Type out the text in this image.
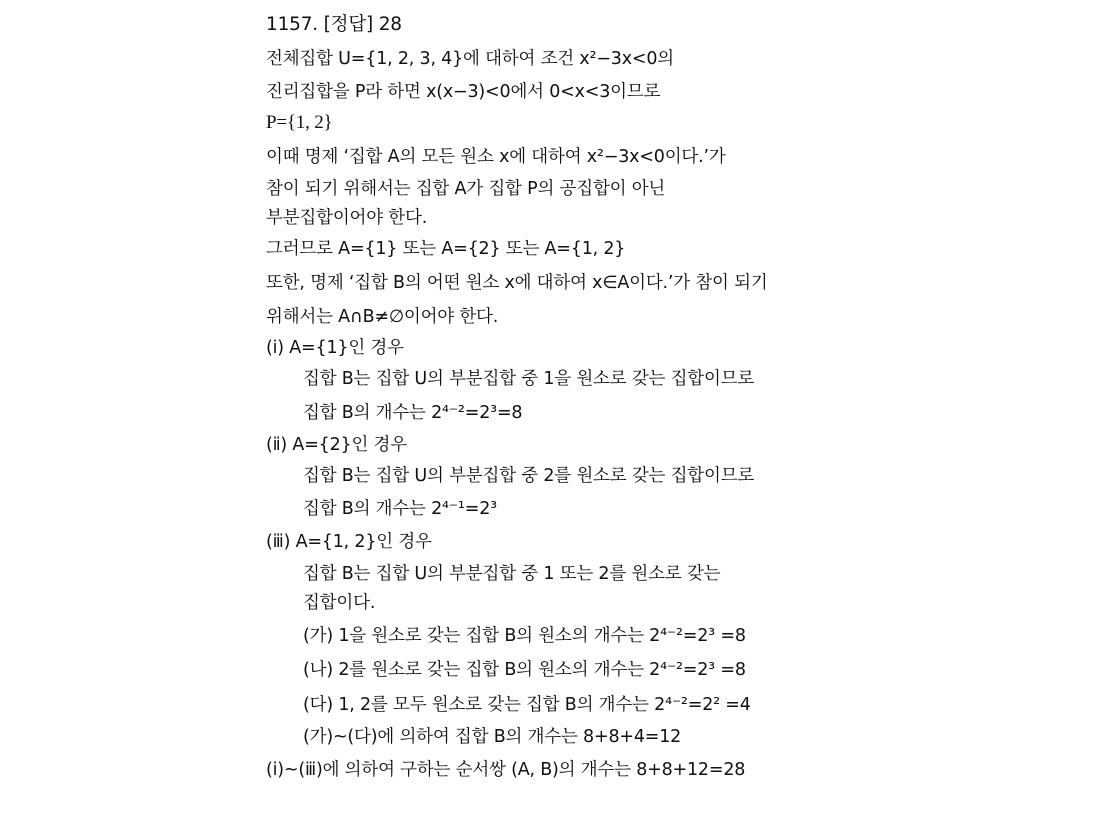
1157. [정답] 28
전체집합 U={1, 2, 3, 4}에 대하여 조건 x²−3x<0의
진리집합을 P라 하면 x(x−3)<0에서 0<x<3이므로
P={1, 2}
이때 명제 ‘집합 A의 모든 원소 x에 대하여 x²−3x<0이다.’가
참이 되기 위해서는 집합 A가 집합 P의 공집합이 아닌
부분집합이어야 한다.
그러므로 A={1} 또는 A={2} 또는 A={1, 2}
또한, 명제 ‘집합 B의 어떤 원소 x에 대하여 x∈A이다.’가 참이 되기
위해서는 A∩B≠∅이어야 한다.
(ⅰ) A={1}인 경우
집합 B는 집합 U의 부분집합 중 1을 원소로 갖는 집합이므로
집합 B의 개수는 2⁴⁻²=2³=8
(ⅱ) A={2}인 경우
집합 B는 집합 U의 부분집합 중 2를 원소로 갖는 집합이므로
집합 B의 개수는 2⁴⁻¹=2³
(ⅲ) A={1, 2}인 경우
집합 B는 집합 U의 부분집합 중 1 또는 2를 원소로 갖는
집합이다.
(가) 1을 원소로 갖는 집합 B의 원소의 개수는 2⁴⁻²=2³ =8
(나) 2를 원소로 갖는 집합 B의 원소의 개수는 2⁴⁻²=2³ =8
(다) 1, 2를 모두 원소로 갖는 집합 B의 개수는 2⁴⁻²=2² =4
(가)~(다)에 의하여 집합 B의 개수는 8+8+4=12
(ⅰ)~(ⅲ)에 의하여 구하는 순서쌍 (A, B)의 개수는 8+8+12=28
